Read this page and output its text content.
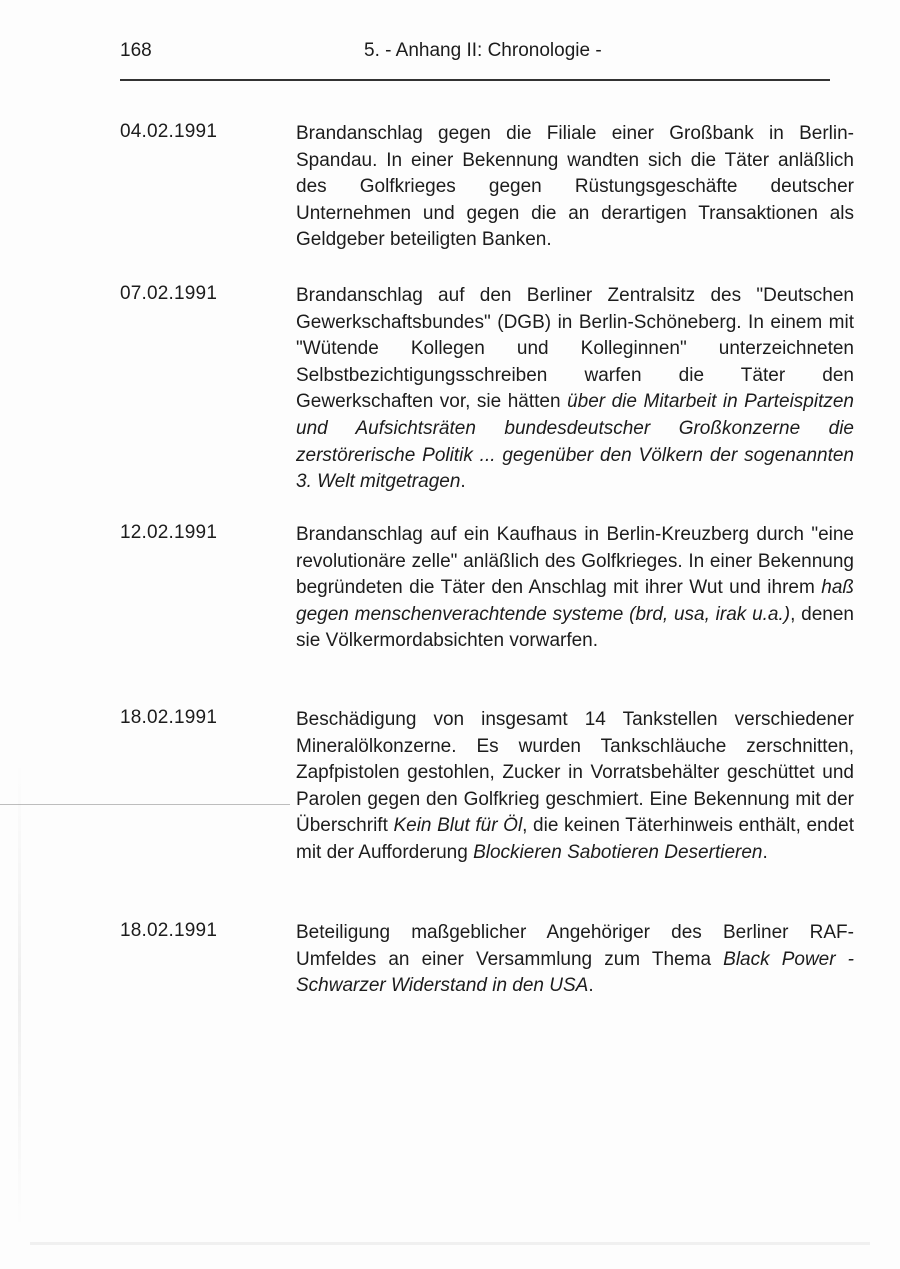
168	5. - Anhang II: Chronologie -
04.02.1991	Brandanschlag gegen die Filiale einer Großbank in Berlin-Spandau. In einer Bekennung wandten sich die Täter anläßlich des Golfkrieges gegen Rüstungsgeschäfte deutscher Unternehmen und gegen die an derartigen Transaktionen als Geldgeber beteiligten Banken.

07.02.1991	Brandanschlag auf den Berliner Zentralsitz des "Deutschen Gewerkschaftsbundes" (DGB) in Berlin-Schöneberg. In einem mit "Wütende Kollegen und Kolleginnen" unterzeichneten Selbstbezichtigungsschreiben warfen die Täter den Gewerkschaften vor, sie hätten über die Mitarbeit in Parteispitzen und Aufsichtsräten bundesdeutscher Großkonzerne die zerstörerische Politik ... gegenüber den Völkern der sogenannten 3. Welt mitgetragen.

12.02.1991	Brandanschlag auf ein Kaufhaus in Berlin-Kreuzberg durch "eine revolutionäre zelle" anläßlich des Golfkrieges. In einer Bekennung begründeten die Täter den Anschlag mit ihrer Wut und ihrem haß gegen menschenverachtende systeme (brd, usa, irak u.a.), denen sie Völkermordabsichten vorwarfen.

18.02.1991	Beschädigung von insgesamt 14 Tankstellen verschiedener Mineralölkonzerne. Es wurden Tankschläuche zerschnitten, Zapfpistolen gestohlen, Zucker in Vorratsbehälter geschüttet und Parolen gegen den Golfkrieg geschmiert. Eine Bekennung mit der Überschrift Kein Blut für Öl, die keinen Täterhinweis enthält, endet mit der Aufforderung Blockieren Sabotieren Desertieren.

18.02.1991	Beteiligung maßgeblicher Angehöriger des Berliner RAF-Umfeldes an einer Versammlung zum Thema Black Power - Schwarzer Widerstand in den USA.
